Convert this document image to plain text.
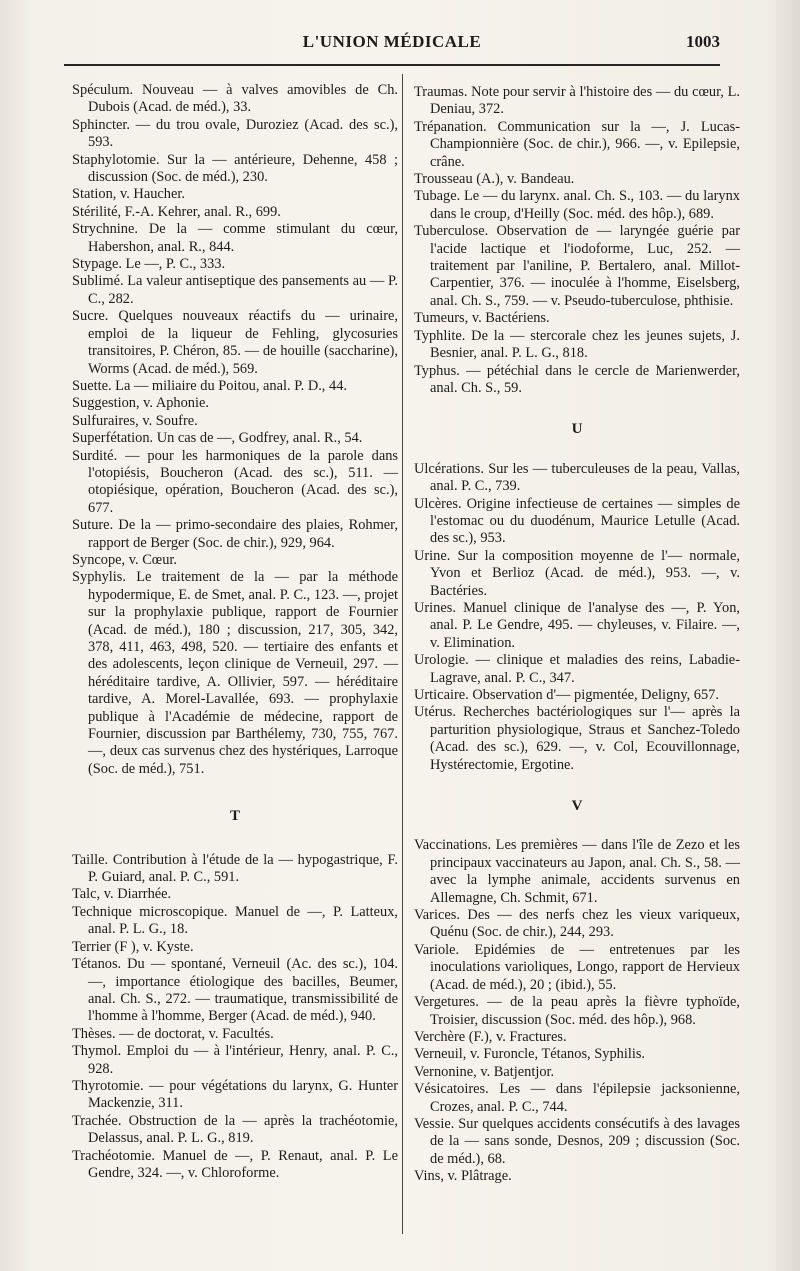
L'UNION MÉDICALE	1003

Spéculum. Nouveau — à valves amovibles de Ch. Dubois (Acad. de méd.), 33.

Sphincter. — du trou ovale, Duroziez (Acad. des sc.), 593.

Staphylotomie. Sur la — antérieure, Dehenne, 458 ; discussion (Soc. de méd.), 230.

Station, v. Haucher.

Stérilité, F.-A. Kehrer, anal. R., 699.

Strychnine. De la — comme stimulant du cœur, Habershon, anal. R., 844.

Stypage. Le —, P. C., 333.

Sublimé. La valeur antiseptique des pansements au — P. C., 282.

Sucre. Quelques nouveaux réactifs du — urinaire, emploi de la liqueur de Fehling, glycosuries transitoires, P. Chéron, 85. — de houille (saccharine), Worms (Acad. de méd.), 569.

Suette. La — miliaire du Poitou, anal. P. D., 44.

Suggestion, v. Aphonie.

Sulfuraires, v. Soufre.

Superfétation. Un cas de —, Godfrey, anal. R., 54.

Surdité. — pour les harmoniques de la parole dans l'otopiésis, Boucheron (Acad. des sc.), 511. — otopiésique, opération, Boucheron (Acad. des sc.), 677.

Suture. De la — primo-secondaire des plaies, Rohmer, rapport de Berger (Soc. de chir.), 929, 964.

Syncope, v. Cœur.

Syphylis. Le traitement de la — par la méthode hypodermique, E. de Smet, anal. P. C., 123. —, projet sur la prophylaxie publique, rapport de Fournier (Acad. de méd.), 180 ; discussion, 217, 305, 342, 378, 411, 463, 498, 520. — tertiaire des enfants et des adolescents, leçon clinique de Verneuil, 297. — héréditaire tardive, A. Ollivier, 597. — héréditaire tardive, A. Morel-Lavallée, 693. — prophylaxie publique à l'Académie de médecine, rapport de Fournier, discussion par Barthélemy, 730, 755, 767. —, deux cas survenus chez des hystériques, Larroque (Soc. de méd.), 751.

T

Taille. Contribution à l'étude de la — hypogastrique, F. P. Guiard, anal. P. C., 591.

Talc, v. Diarrhée.

Technique microscopique. Manuel de —, P. Latteux, anal. P. L. G., 18.

Terrier (F ), v. Kyste.

Tétanos. Du — spontané, Verneuil (Ac. des sc.), 104. —, importance étiologique des bacilles, Beumer, anal. Ch. S., 272. — traumatique, transmissibilité de l'homme à l'homme, Berger (Acad. de méd.), 940.

Thèses. — de doctorat, v. Facultés.

Thymol. Emploi du — à l'intérieur, Henry, anal. P. C., 928.

Thyrotomie. — pour végétations du larynx, G. Hunter Mackenzie, 311.

Trachée. Obstruction de la — après la trachéotomie, Delassus, anal. P. L. G., 819.

Trachéotomie. Manuel de —, P. Renaut, anal. P. Le Gendre, 324. —, v. Chloroforme.

Traumas. Note pour servir à l'histoire des — du cœur, L. Deniau, 372.

Trépanation. Communication sur la —, J. Lucas-Championnière (Soc. de chir.), 966. —, v. Epilepsie, crâne.

Trousseau (A.), v. Bandeau.

Tubage. Le — du larynx. anal. Ch. S., 103. — du larynx dans le croup, d'Heilly (Soc. méd. des hôp.), 689.

Tuberculose. Observation de — laryngée guérie par l'acide lactique et l'iodoforme, Luc, 252. — traitement par l'aniline, P. Bertalero, anal. Millot-Carpentier, 376. — inoculée à l'homme, Eiselsberg, anal. Ch. S., 759. — v. Pseudo-tuberculose, phthisie.

Tumeurs, v. Bactériens.

Typhlite. De la — stercorale chez les jeunes sujets, J. Besnier, anal. P. L. G., 818.

Typhus. — pétéchial dans le cercle de Marienwerder, anal. Ch. S., 59.

U

Ulcérations. Sur les — tuberculeuses de la peau, Vallas, anal. P. C., 739.

Ulcères. Origine infectieuse de certaines — simples de l'estomac ou du duodénum, Maurice Letulle (Acad. des sc.), 953.

Urine. Sur la composition moyenne de l'— normale, Yvon et Berlioz (Acad. de méd.), 953. —, v. Bactéries.

Urines. Manuel clinique de l'analyse des —, P. Yon, anal. P. Le Gendre, 495. — chyleuses, v. Filaire. —, v. Elimination.

Urologie. — clinique et maladies des reins, Labadie-Lagrave, anal. P. C., 347.

Urticaire. Observation d'— pigmentée, Deligny, 657.

Utérus. Recherches bactériologiques sur l'— après la parturition physiologique, Straus et Sanchez-Toledo (Acad. des sc.), 629. —, v. Col, Ecouvillonnage, Hystérectomie, Ergotine.

V

Vaccinations. Les premières — dans l'île de Zezo et les principaux vaccinateurs au Japon, anal. Ch. S., 58. — avec la lymphe animale, accidents survenus en Allemagne, Ch. Schmit, 671.

Varices. Des — des nerfs chez les vieux variqueux, Quénu (Soc. de chir.), 244, 293.

Variole. Epidémies de — entretenues par les inoculations varioliques, Longo, rapport de Hervieux (Acad. de méd.), 20 ; (ibid.), 55.

Vergetures. — de la peau après la fièvre typhoïde, Troisier, discussion (Soc. méd. des hôp.), 968.

Verchère (F.), v. Fractures.

Verneuil, v. Furoncle, Tétanos, Syphilis.

Vernonine, v. Batjentjor.

Vésicatoires. Les — dans l'épilepsie jacksonienne, Crozes, anal. P. C., 744.

Vessie. Sur quelques accidents consécutifs à des lavages de la — sans sonde, Desnos, 209 ; discussion (Soc. de méd.), 68.

Vins, v. Plâtrage.
